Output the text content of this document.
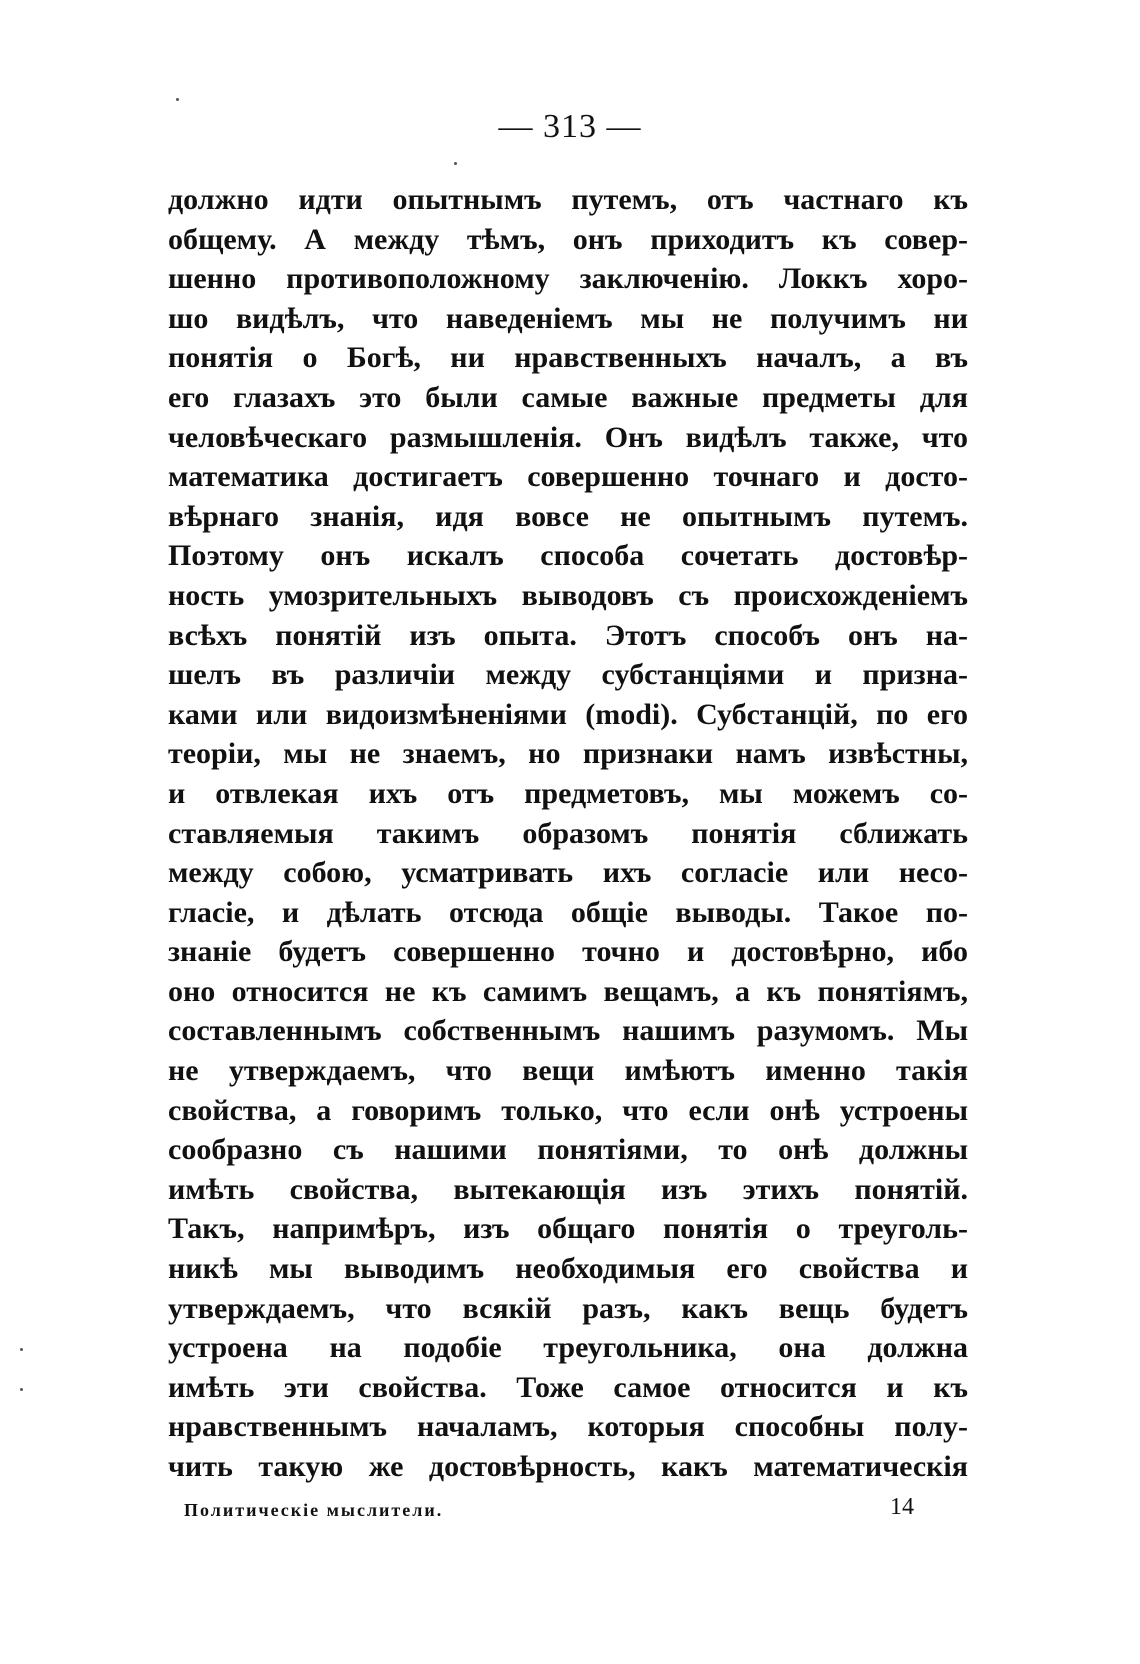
— 313 —
должно идти опытнымъ путемъ, отъ частнаго къ
общему. А между тѣмъ, онъ приходитъ къ совер-
шенно противоположному заключенію. Локкъ хоро-
шо видѣлъ, что наведеніемъ мы не получимъ ни
понятія о Богѣ, ни нравственныхъ началъ, а въ
его глазахъ это были самые важные предметы для
человѣческаго размышленія. Онъ видѣлъ также, что
математика достигаетъ совершенно точнаго и досто-
вѣрнаго знанія, идя вовсе не опытнымъ путемъ.
Поэтому онъ искалъ способа сочетать достовѣр-
ность умозрительныхъ выводовъ съ происхожденіемъ
всѣхъ понятій изъ опыта. Этотъ способъ онъ на-
шелъ въ различіи между субстанціями и призна-
ками или видоизмѣненіями (modi). Субстанцій, по его
теоріи, мы не знаемъ, но признаки намъ извѣстны,
и отвлекая ихъ отъ предметовъ, мы можемъ со-
ставляемыя такимъ образомъ понятія сближать
между собою, усматривать ихъ согласіе или несо-
гласіе, и дѣлать отсюда общіе выводы. Такое по-
знаніе будетъ совершенно точно и достовѣрно, ибо
оно относится не къ самимъ вещамъ, а къ понятіямъ,
составленнымъ собственнымъ нашимъ разумомъ. Мы
не утверждаемъ, что вещи имѣютъ именно такія
свойства, а говоримъ только, что если онѣ устроены
сообразно съ нашими понятіями, то онѣ должны
имѣть свойства, вытекающія изъ этихъ понятій.
Такъ, напримѣръ, изъ общаго понятія о треуголь-
никѣ мы выводимъ необходимыя его свойства и
утверждаемъ, что всякій разъ, какъ вещь будетъ
устроена на подобіе треугольника, она должна
имѣть эти свойства. Тоже самое относится и къ
нравственнымъ началамъ, которыя способны полу-
чить такую же достовѣрность, какъ математическія
Политическіе мыслители.	14
